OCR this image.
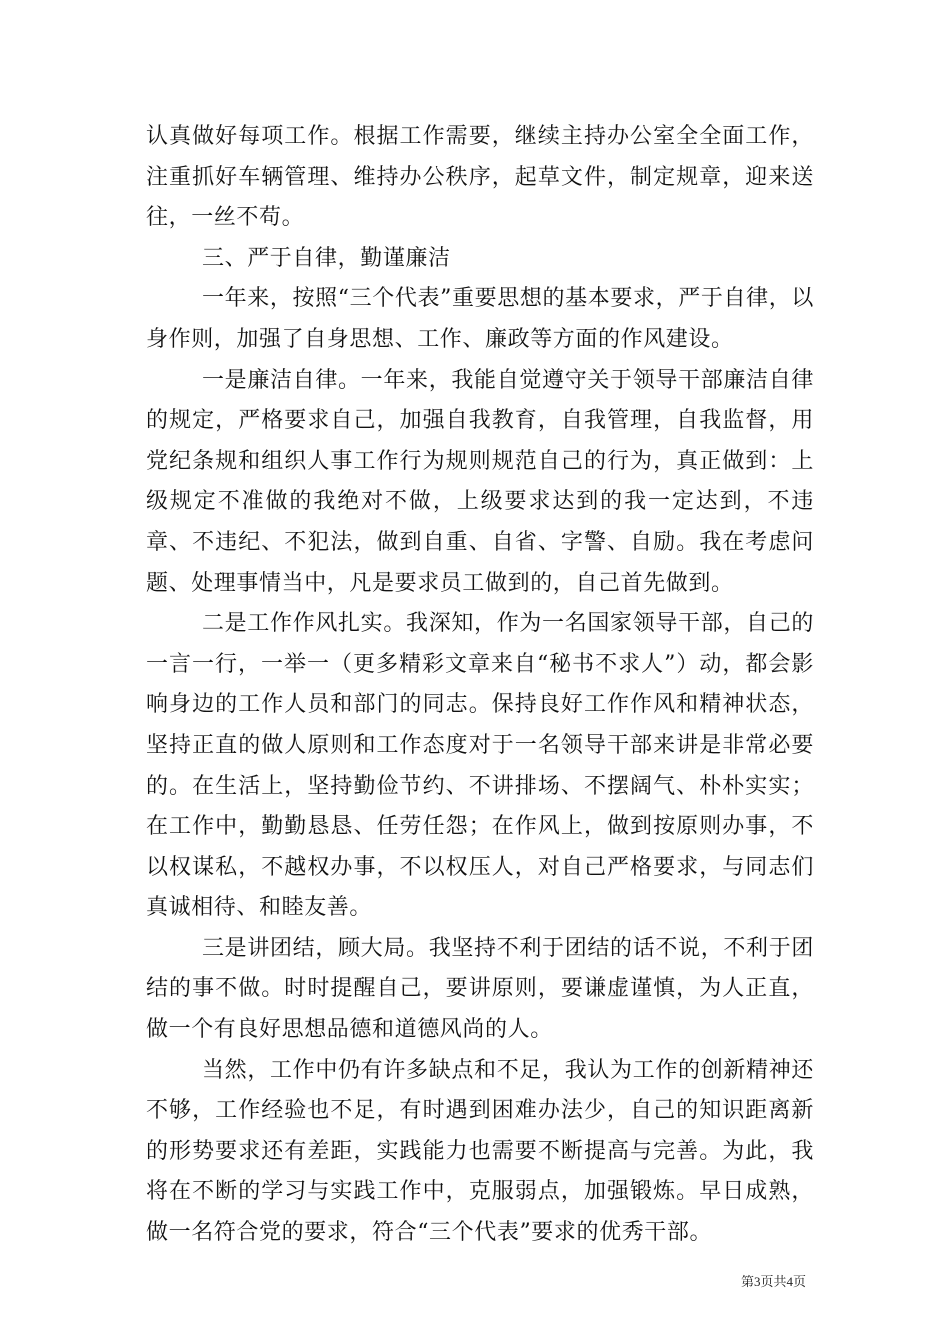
认真做好每项工作。根据工作需要，继续主持办公室全全面工作，注重抓好车辆管理、维持办公秩序，起草文件，制定规章，迎来送往，一丝不苟。

三、严于自律，勤谨廉洁

一年来，按照“三个代表”重要思想的基本要求，严于自律，以身作则，加强了自身思想、工作、廉政等方面的作风建设。

一是廉洁自律。一年来，我能自觉遵守关于领导干部廉洁自律的规定，严格要求自己，加强自我教育，自我管理，自我监督，用党纪条规和组织人事工作行为规则规范自己的行为，真正做到：上级规定不准做的我绝对不做，上级要求达到的我一定达到，不违章、不违纪、不犯法，做到自重、自省、字警、自励。我在考虑问题、处理事情当中，凡是要求员工做到的，自己首先做到。

二是工作作风扎实。我深知，作为一名国家领导干部，自己的一言一行，一举一（更多精彩文章来自“秘书不求人”）动，都会影响身边的工作人员和部门的同志。保持良好工作作风和精神状态，坚持正直的做人原则和工作态度对于一名领导干部来讲是非常必要的。在生活上，坚持勤俭节约、不讲排场、不摆阔气、朴朴实实；在工作中，勤勤恳恳、任劳任怨；在作风上，做到按原则办事，不以权谋私，不越权办事，不以权压人，对自己严格要求，与同志们真诚相待、和睦友善。

三是讲团结，顾大局。我坚持不利于团结的话不说，不利于团结的事不做。时时提醒自己，要讲原则，要谦虚谨慎，为人正直，做一个有良好思想品德和道德风尚的人。

当然，工作中仍有许多缺点和不足，我认为工作的创新精神还不够，工作经验也不足，有时遇到困难办法少，自己的知识距离新的形势要求还有差距，实践能力也需要不断提高与完善。为此，我将在不断的学习与实践工作中，克服弱点，加强锻炼。早日成熟，做一名符合党的要求，符合“三个代表”要求的优秀干部。

第3页共4页
